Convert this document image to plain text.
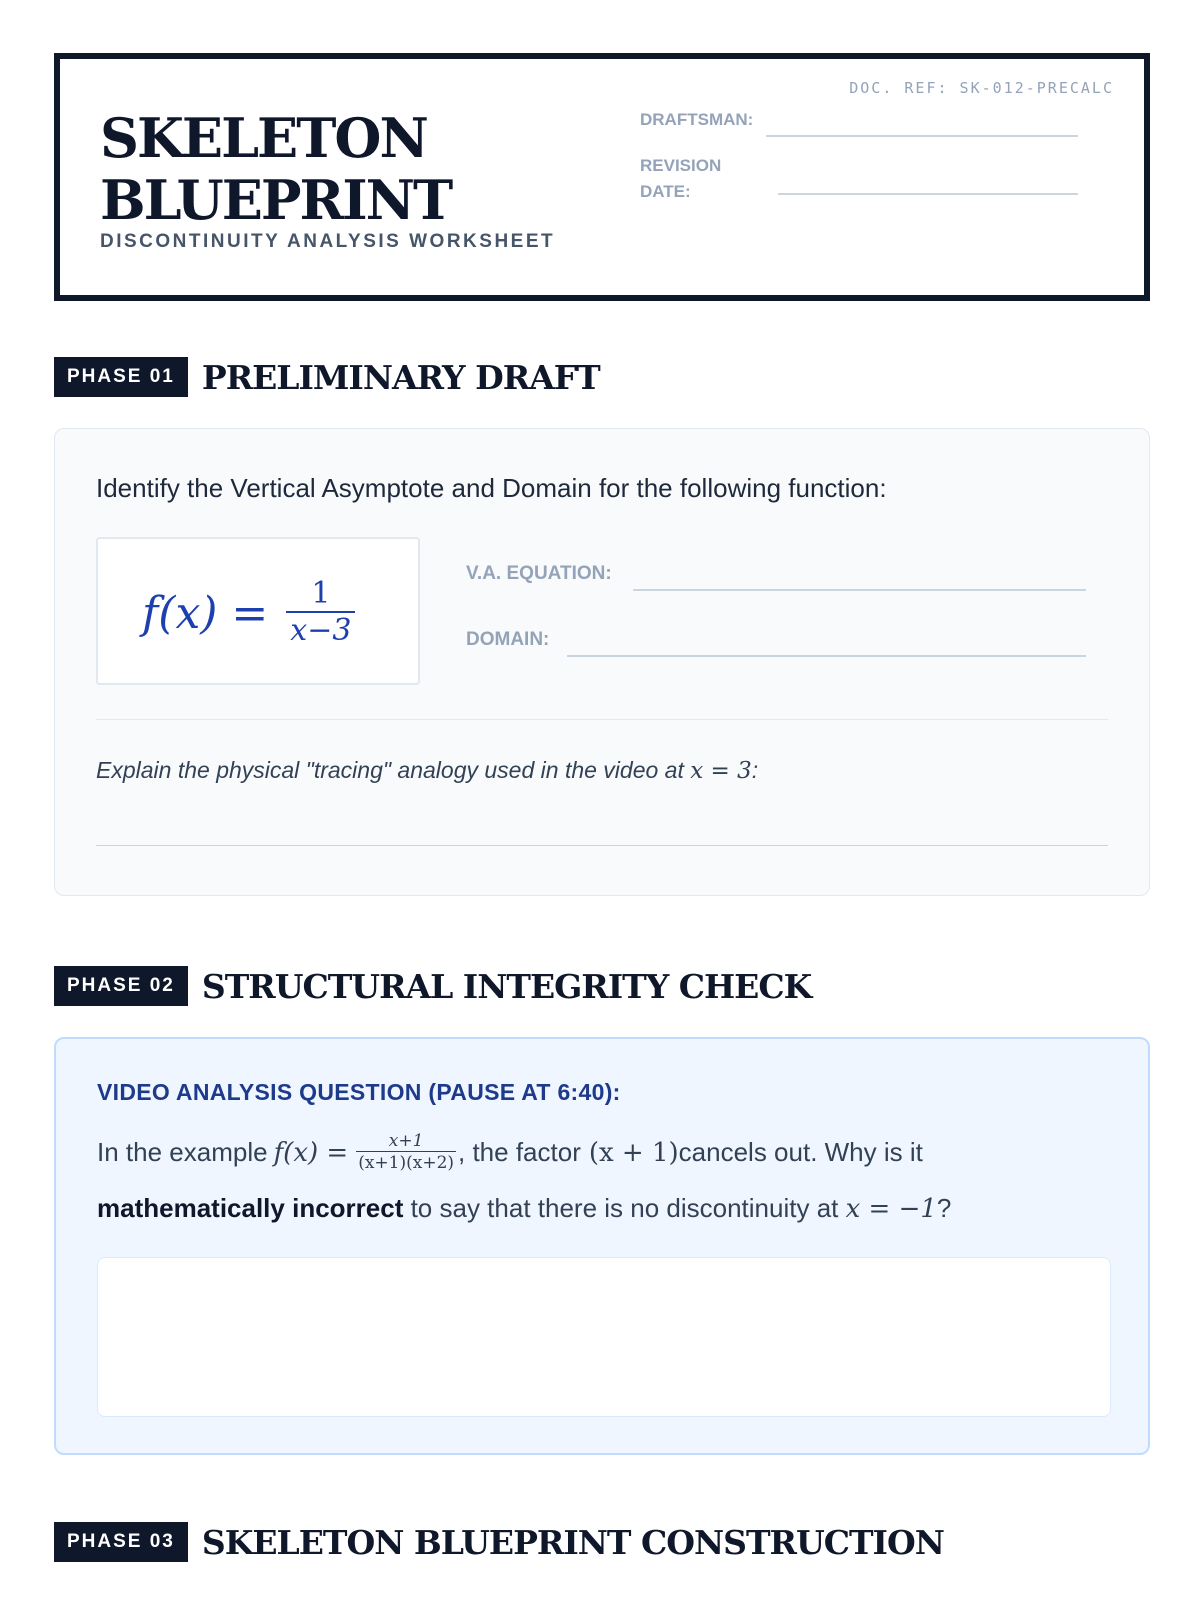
DOC. REF: SK-012-PRECALC
SKELETON
BLUEPRINT
DISCONTINUITY ANALYSIS WORKSHEET
DRAFTSMAN:
REVISION
DATE:
PHASE 01 PRELIMINARY DRAFT
Identify the Vertical Asymptote and Domain for the following function:
$f(x) = \frac{1}{x-3}$
V.A. EQUATION:
DOMAIN:
Explain the physical "tracing" analogy used in the video at x = 3:
PHASE 02 STRUCTURAL INTEGRITY CHECK
VIDEO ANALYSIS QUESTION (PAUSE AT 6:40):
In the example $f(x) = \frac{x+1}{(x+1)(x+2)}$ , the factor (x + 1) cancels out. Why is it
mathematically incorrect to say that there is no discontinuity at x = −1?
PHASE 03 SKELETON BLUEPRINT CONSTRUCTION
